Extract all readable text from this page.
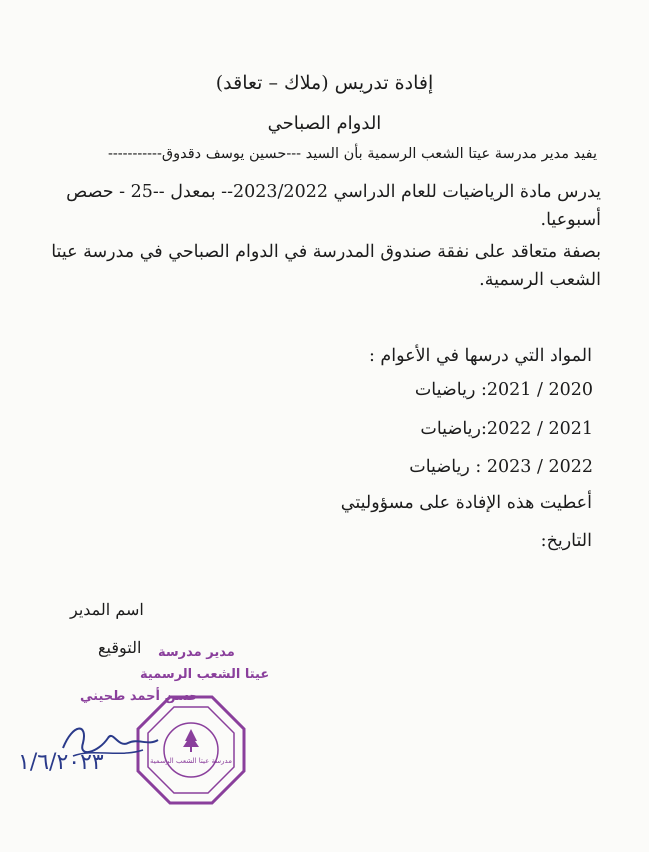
إفادة تدريس (ملاك – تعاقد)
الدوام الصباحي
يفيد مدير مدرسة عيتا الشعب الرسمية بأن السيد ---حسين يوسف دقدوق-----------
يدرس مادة الرياضيات للعام الدراسي 2023/2022-- بمعدل --25 - حصص أسبوعيا.
بصفة متعاقد على نفقة صندوق المدرسة في الدوام الصباحي في مدرسة عيتا الشعب الرسمية.
المواد التي درسها في الأعوام :
2020 / 2021: رياضيات
2021 / 2022:رياضيات
2022 / 2023 : رياضيات
أعطيت هذه الإفادة على مسؤوليتي
التاريخ:
اسم المدير
التوقيع مدير مدرسة
عيتا الشعب الرسمية
حسن أحمد طحيني
مدرسة عيتا الشعب الرسمية
١/٦/٢٠٢٣
